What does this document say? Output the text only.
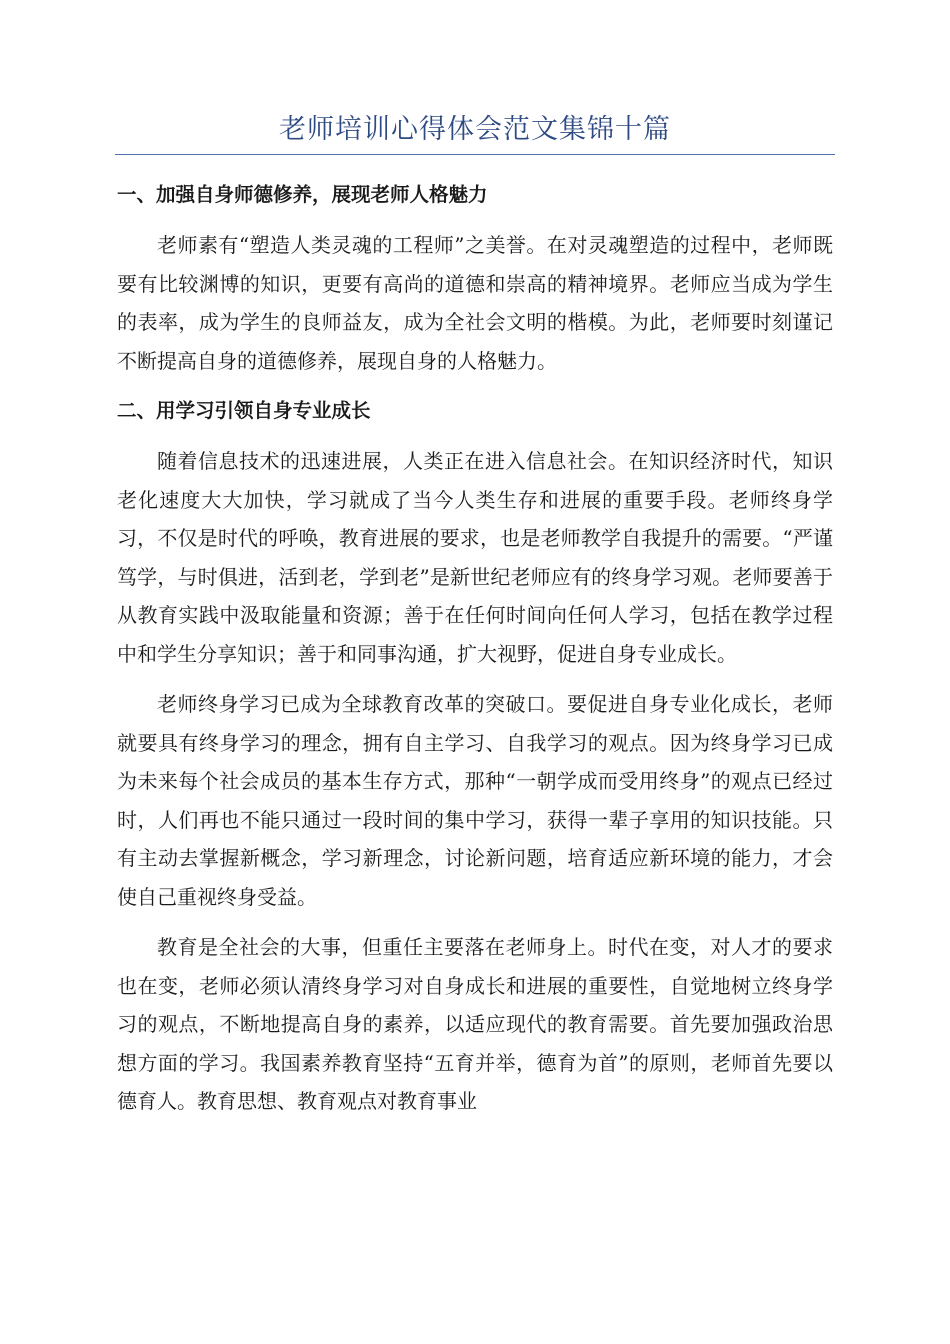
老师培训心得体会范文集锦十篇
一、加强自身师德修养，展现老师人格魅力

老师素有“塑造人类灵魂的工程师”之美誉。在对灵魂塑造的过程中，老师既要有比较渊博的知识，更要有高尚的道德和崇高的精神境界。老师应当成为学生的表率，成为学生的良师益友，成为全社会文明的楷模。为此，老师要时刻谨记不断提高自身的道德修养，展现自身的人格魅力。

二、用学习引领自身专业成长

随着信息技术的迅速进展，人类正在进入信息社会。在知识经济时代，知识老化速度大大加快，学习就成了当今人类生存和进展的重要手段。老师终身学习，不仅是时代的呼唤，教育进展的要求，也是老师教学自我提升的需要。“严谨笃学，与时俱进，活到老，学到老”是新世纪老师应有的终身学习观。老师要善于从教育实践中汲取能量和资源；善于在任何时间向任何人学习，包括在教学过程中和学生分享知识；善于和同事沟通，扩大视野，促进自身专业成长。

老师终身学习已成为全球教育改革的突破口。要促进自身专业化成长，老师就要具有终身学习的理念，拥有自主学习、自我学习的观点。因为终身学习已成为未来每个社会成员的基本生存方式，那种“一朝学成而受用终身”的观点已经过时，人们再也不能只通过一段时间的集中学习，获得一辈子享用的知识技能。只有主动去掌握新概念，学习新理念，讨论新问题，培育适应新环境的能力，才会使自己重视终身受益。

教育是全社会的大事，但重任主要落在老师身上。时代在变，对人才的要求也在变，老师必须认清终身学习对自身成长和进展的重要性，自觉地树立终身学习的观点，不断地提高自身的素养，以适应现代的教育需要。首先要加强政治思想方面的学习。我国素养教育坚持“五育并举，德育为首”的原则，老师首先要以德育人。教育思想、教育观点对教育事业
